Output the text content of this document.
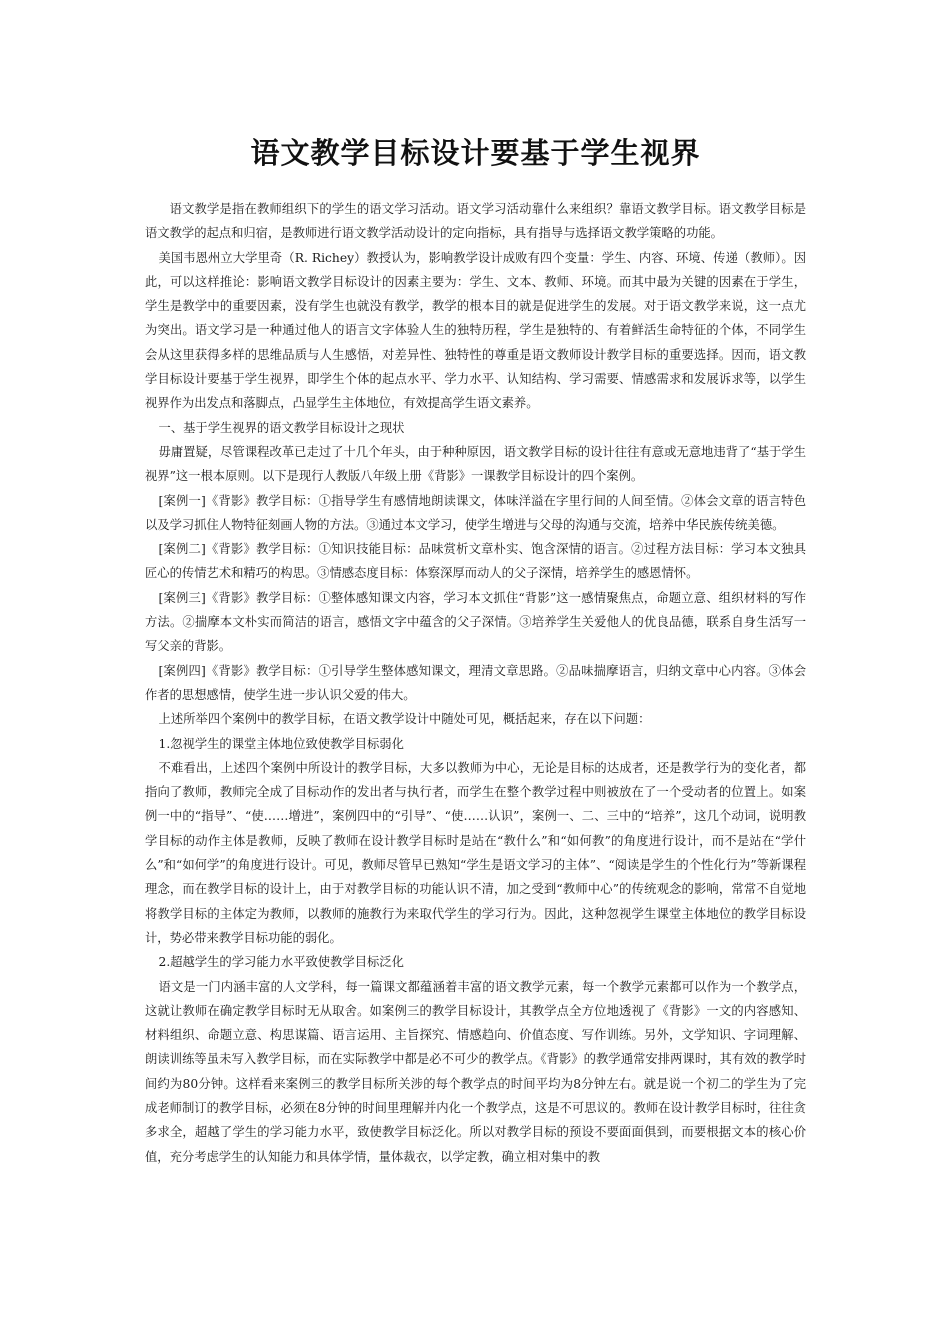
语文教学目标设计要基于学生视界

语文教学是指在教师组织下的学生的语文学习活动。语文学习活动靠什么来组织？靠语文教学目标。语文教学目标是语文教学的起点和归宿，是教师进行语文教学活动设计的定向指标，具有指导与选择语文教学策略的功能。

美国韦恩州立大学里奇（R. Richey）教授认为，影响教学设计成败有四个变量：学生、内容、环境、传递（教师）。因此，可以这样推论：影响语文教学目标设计的因素主要为：学生、文本、教师、环境。而其中最为关键的因素在于学生，学生是教学中的重要因素，没有学生也就没有教学，教学的根本目的就是促进学生的发展。对于语文教学来说，这一点尤为突出。语文学习是一种通过他人的语言文字体验人生的独特历程，学生是独特的、有着鲜活生命特征的个体，不同学生会从这里获得多样的思维品质与人生感悟，对差异性、独特性的尊重是语文教师设计教学目标的重要选择。因而，语文教学目标设计要基于学生视界，即学生个体的起点水平、学力水平、认知结构、学习需要、情感需求和发展诉求等，以学生视界作为出发点和落脚点，凸显学生主体地位，有效提高学生语文素养。

一、基于学生视界的语文教学目标设计之现状

毋庸置疑，尽管课程改革已走过了十几个年头，由于种种原因，语文教学目标的设计往往有意或无意地违背了“基于学生视界”这一根本原则。以下是现行人教版八年级上册《背影》一课教学目标设计的四个案例。

[案例一]《背影》教学目标：①指导学生有感情地朗读课文，体味洋溢在字里行间的人间至情。②体会文章的语言特色以及学习抓住人物特征刻画人物的方法。③通过本文学习，使学生增进与父母的沟通与交流，培养中华民族传统美德。

[案例二]《背影》教学目标：①知识技能目标：品味赏析文章朴实、饱含深情的语言。②过程方法目标：学习本文独具匠心的传情艺术和精巧的构思。③情感态度目标：体察深厚而动人的父子深情，培养学生的感恩情怀。

[案例三]《背影》教学目标：①整体感知课文内容，学习本文抓住“背影”这一感情聚焦点，命题立意、组织材料的写作方法。②揣摩本文朴实而简洁的语言，感悟文字中蕴含的父子深情。③培养学生关爱他人的优良品德，联系自身生活写一写父亲的背影。

[案例四]《背影》教学目标：①引导学生整体感知课文，理清文章思路。②品味揣摩语言，归纳文章中心内容。③体会作者的思想感情，使学生进一步认识父爱的伟大。

上述所举四个案例中的教学目标，在语文教学设计中随处可见，概括起来，存在以下问题：

1.忽视学生的课堂主体地位致使教学目标弱化

不难看出，上述四个案例中所设计的教学目标，大多以教师为中心，无论是目标的达成者，还是教学行为的变化者，都指向了教师，教师完全成了目标动作的发出者与执行者，而学生在整个教学过程中则被放在了一个受动者的位置上。如案例一中的“指导”、“使……增进”，案例四中的“引导”、“使……认识”，案例一、二、三中的“培养”，这几个动词，说明教学目标的动作主体是教师，反映了教师在设计教学目标时是站在“教什么”和“如何教”的角度进行设计，而不是站在“学什么”和“如何学”的角度进行设计。可见，教师尽管早已熟知“学生是语文学习的主体”、“阅读是学生的个性化行为”等新课程理念，而在教学目标的设计上，由于对教学目标的功能认识不清，加之受到“教师中心”的传统观念的影响，常常不自觉地将教学目标的主体定为教师，以教师的施教行为来取代学生的学习行为。因此，这种忽视学生课堂主体地位的教学目标设计，势必带来教学目标功能的弱化。

2.超越学生的学习能力水平致使教学目标泛化

语文是一门内涵丰富的人文学科，每一篇课文都蕴涵着丰富的语文教学元素，每一个教学元素都可以作为一个教学点，这就让教师在确定教学目标时无从取舍。如案例三的教学目标设计，其教学点全方位地透视了《背影》一文的内容感知、材料组织、命题立意、构思谋篇、语言运用、主旨探究、情感趋向、价值态度、写作训练。另外，文学知识、字词理解、朗读训练等虽未写入教学目标，而在实际教学中都是必不可少的教学点。《背影》的教学通常安排两课时，其有效的教学时间约为80分钟。这样看来案例三的教学目标所关涉的每个教学点的时间平均为8分钟左右。就是说一个初二的学生为了完成老师制订的教学目标，必须在8分钟的时间里理解并内化一个教学点，这是不可思议的。教师在设计教学目标时，往往贪多求全，超越了学生的学习能力水平，致使教学目标泛化。所以对教学目标的预设不要面面俱到，而要根据文本的核心价值，充分考虑学生的认知能力和具体学情，量体裁衣，以学定教，确立相对集中的教
